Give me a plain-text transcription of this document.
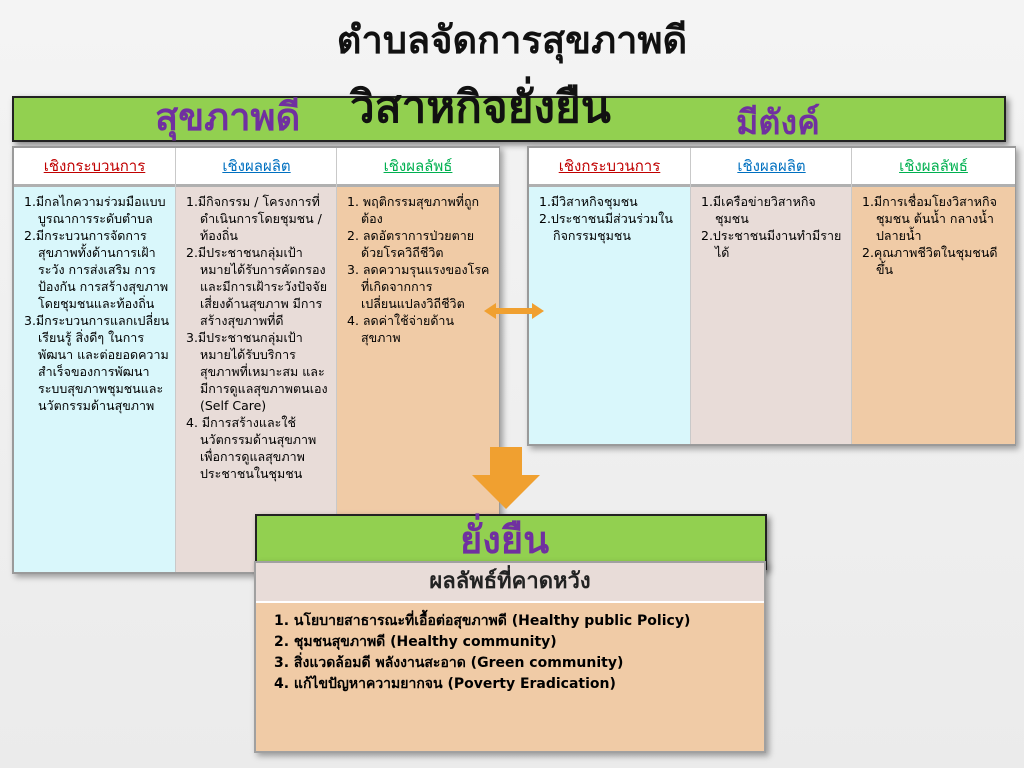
ตำบลจัดการสุขภาพดี
วิสาหกิจยั่งยืน
สุขภาพดี	มีตังค์
เชิงกระบวนการ

1.มีกลไกความร่วมมือแบบบูรณาการระดับตำบล

2.มีกระบวนการจัดการสุขภาพทั้งด้านการเฝ้าระวัง การส่งเสริม การป้องกัน การสร้างสุขภาพโดยชุมชนและท้องถิ่น

3.มีกระบวนการแลกเปลี่ยนเรียนรู้ สิ่งดีๆ ในการพัฒนา และต่อยอดความสำเร็จของการพัฒนาระบบสุขภาพชุมชนและนวัตกรรมด้านสุขภาพ

เชิงผลผลิต

1.มีกิจกรรม / โครงการที่ดำเนินการโดยชุมชน / ท้องถิ่น

2.มีประชาชนกลุ่มเป้าหมายได้รับการคัดกรองและมีการเฝ้าระวังปัจจัยเสี่ยงด้านสุขภาพ มีการสร้างสุขภาพที่ดี

3.มีประชาชนกลุ่มเป้าหมายได้รับบริการสุขภาพที่เหมาะสม และมีการดูแลสุขภาพตนเอง (Self Care)

4. มีการสร้างและใช้นวัตกรรมด้านสุขภาพเพื่อการดูแลสุขภาพประชาชนในชุมชน

เชิงผลลัพธ์

1. พฤติกรรมสุขภาพที่ถูกต้อง

2. ลดอัตราการป่วยตายด้วยโรควิถีชีวิต

3. ลดความรุนแรงของโรคที่เกิดจากการเปลี่ยนแปลงวิถีชีวิต

4. ลดค่าใช้จ่ายด้านสุขภาพ

เชิงกระบวนการ

1.มีวิสาหกิจชุมชน

2.ประชาชนมีส่วนร่วมในกิจกรรมชุมชน

เชิงผลผลิต

1.มีเครือข่ายวิสาหกิจชุมชน

2.ประชาชนมีงานทำมีรายได้

เชิงผลลัพธ์

1.มีการเชื่อมโยงวิสาหกิจชุมชน ต้นน้ำ กลางน้ำ ปลายน้ำ

2.คุณภาพชีวิตในชุมชนดีขึ้น

ยั่งยืน
ผลลัพธ์ที่คาดหวัง
1. นโยบายสาธารณะที่เอื้อต่อสุขภาพดี (Healthy public Policy)
2. ชุมชนสุขภาพดี (Healthy community)
3. สิ่งแวดล้อมดี พลังงานสะอาด (Green community)
4. แก้ไขปัญหาความยากจน (Poverty Eradication)
